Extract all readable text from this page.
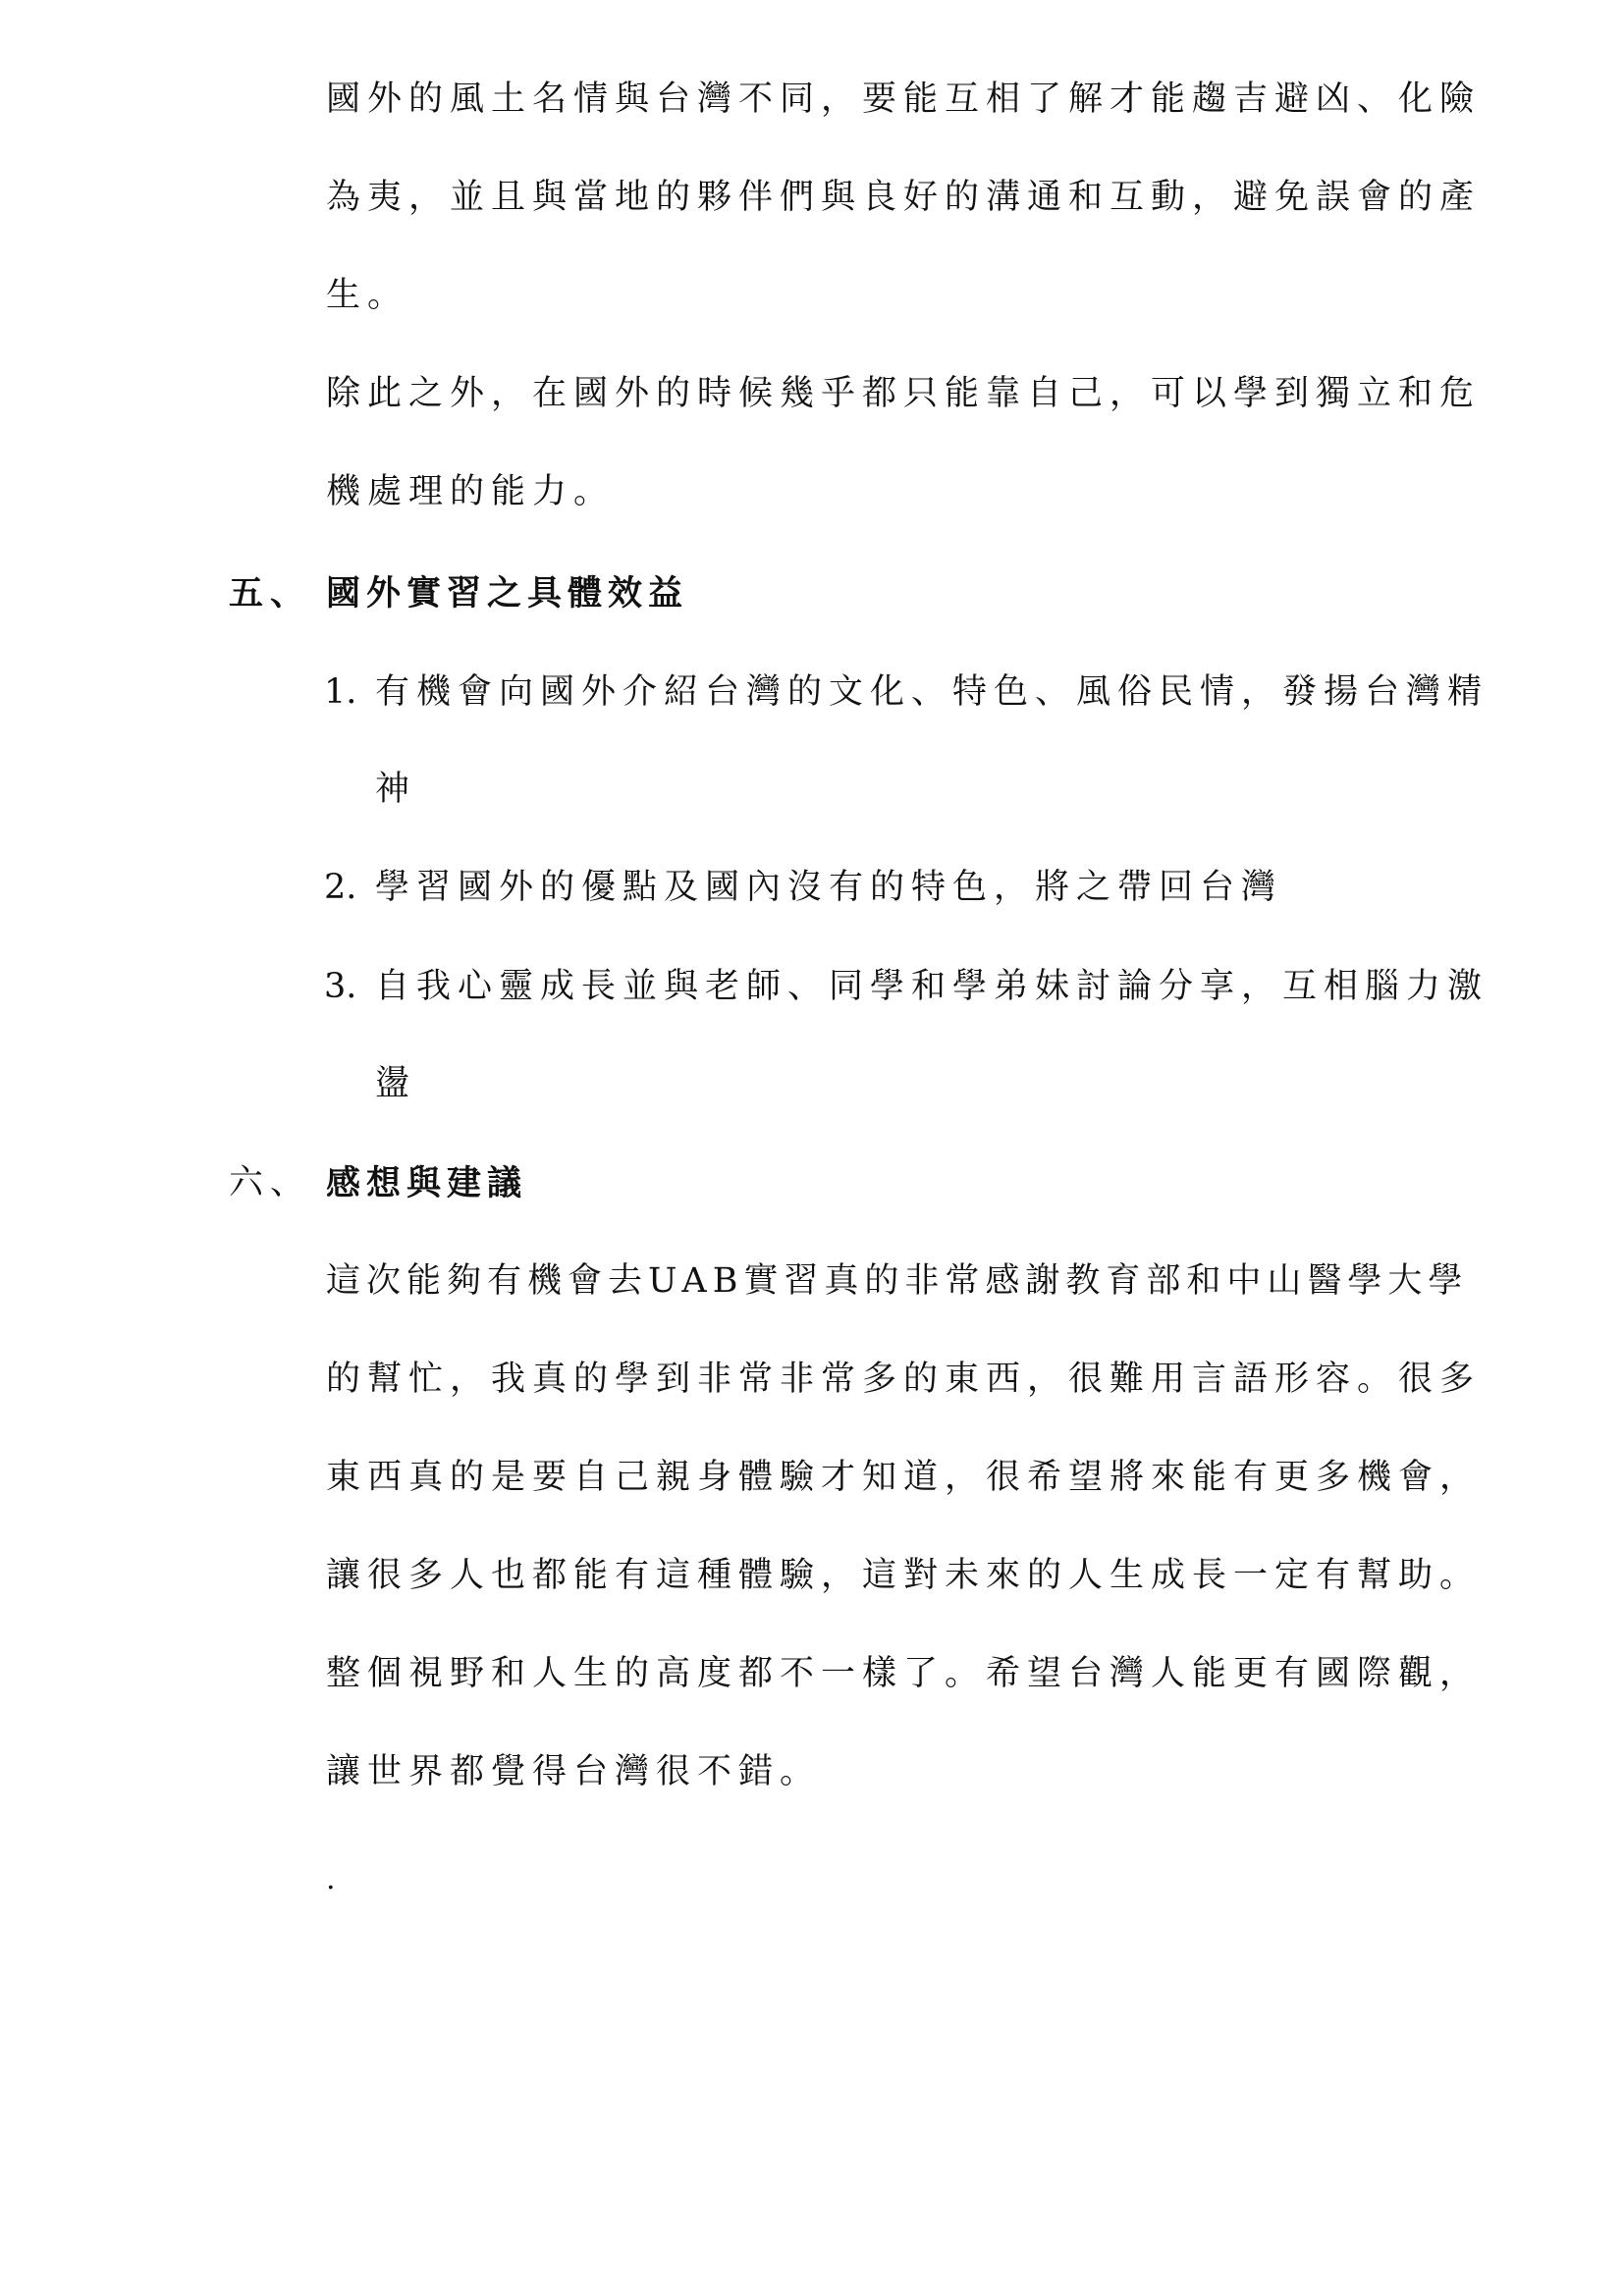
國外的風土名情與台灣不同，要能互相了解才能趨吉避凶、化險
為夷，並且與當地的夥伴們與良好的溝通和互動，避免誤會的產
生。
除此之外，在國外的時候幾乎都只能靠自己，可以學到獨立和危
機處理的能力。
五、 國外實習之具體效益
1. 有機會向國外介紹台灣的文化、特色、風俗民情，發揚台灣精
神
2. 學習國外的優點及國內沒有的特色，將之帶回台灣
3. 自我心靈成長並與老師、同學和學弟妹討論分享，互相腦力激
盪
六、 感想與建議
這次能夠有機會去UAB實習真的非常感謝教育部和中山醫學大學
的幫忙，我真的學到非常非常多的東西，很難用言語形容。很多
東西真的是要自己親身體驗才知道，很希望將來能有更多機會，
讓很多人也都能有這種體驗，這對未來的人生成長一定有幫助。
整個視野和人生的高度都不一樣了。希望台灣人能更有國際觀，
讓世界都覺得台灣很不錯。
.
